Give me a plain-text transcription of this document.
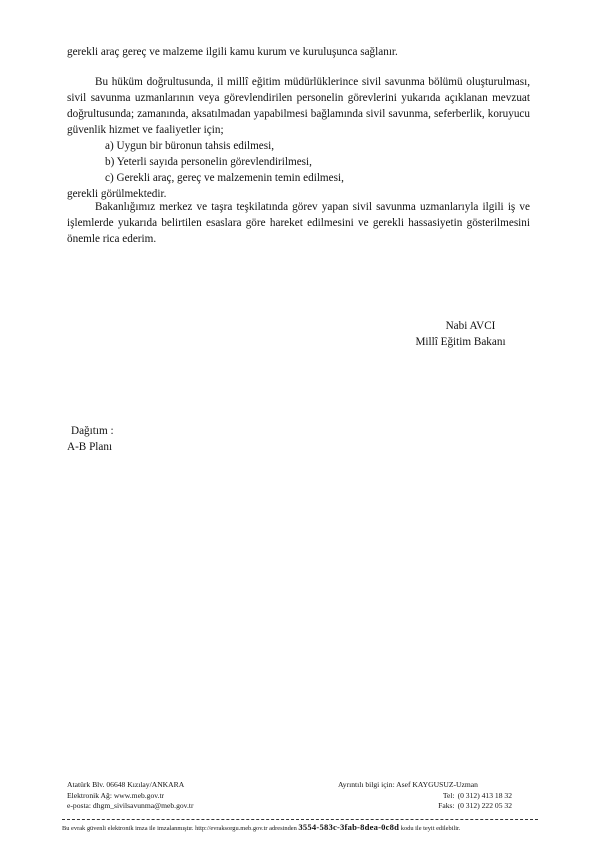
gerekli araç gereç ve malzeme ilgili kamu kurum ve kuruluşunca sağlanır.

Bu hüküm doğrultusunda, il millî eğitim müdürlüklerince sivil savunma bölümü oluşturulması, sivil savunma uzmanlarının veya görevlendirilen personelin görevlerini yukarıda açıklanan mevzuat doğrultusunda; zamanında, aksatılmadan yapabilmesi bağlamında sivil savunma, seferberlik, koruyucu güvenlik hizmet ve faaliyetler için;

a) Uygun bir büronun tahsis edilmesi,

b) Yeterli sayıda personelin görevlendirilmesi,

c) Gerekli araç, gereç ve malzemenin temin edilmesi,

gerekli görülmektedir.

Bakanlığımız merkez ve taşra teşkilatında görev yapan sivil savunma uzmanlarıyla ilgili iş ve işlemlerde yukarıda belirtilen esaslara göre hareket edilmesini ve gerekli hassasiyetin gösterilmesini önemle rica ederim.

Nabi AVCI
Millî Eğitim Bakanı
Dağıtım :
A-B Planı
Atatürk Blv. 06648 Kızılay/ANKARA
Elektronik Ağ: www.meb.gov.tr
e-posta: dhgm_sivilsavunma@meb.gov.tr
Ayrıntılı bilgi için: Asef KAYGUSUZ-Uzman
Tel: (0 312) 413 18 32
Faks: (0 312) 222 05 32
Bu evrak güvenli elektronik imza ile imzalanmıştır. http://evraksorgu.meb.gov.tr adresinden 3554-583c-3fab-8dea-0c8d kodu ile teyit edilebilir.
